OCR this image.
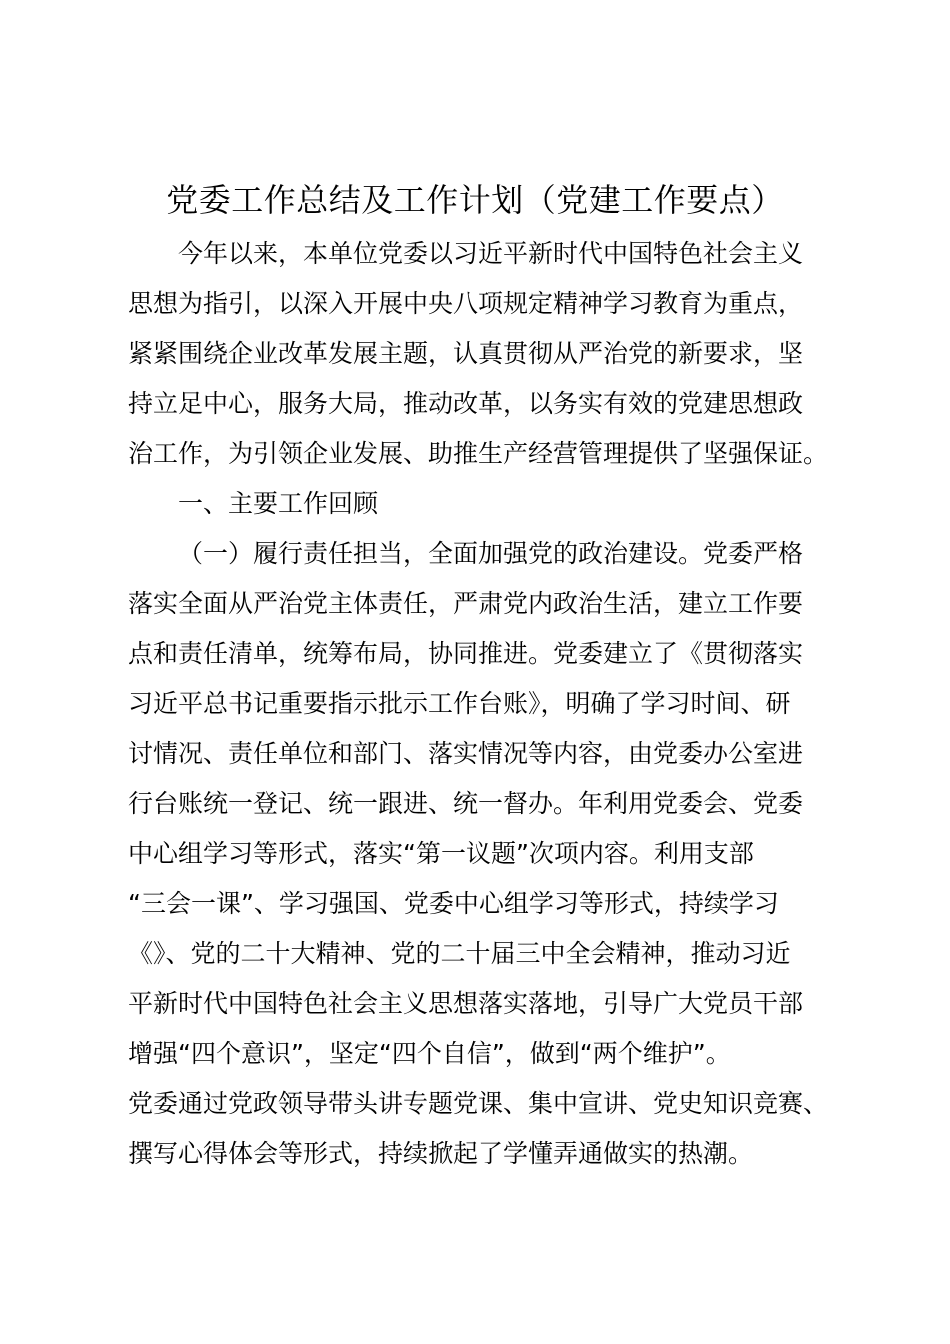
党委工作总结及工作计划（党建工作要点）

今年以来，本单位党委以习近平新时代中国特色社会主义

思想为指引，以深入开展中央八项规定精神学习教育为重点，

紧紧围绕企业改革发展主题，认真贯彻从严治党的新要求，坚

持立足中心，服务大局，推动改革，以务实有效的党建思想政

治工作，为引领企业发展、助推生产经营管理提供了坚强保证。

一、主要工作回顾

（一）履行责任担当，全面加强党的政治建设。党委严格

落实全面从严治党主体责任，严肃党内政治生活，建立工作要

点和责任清单，统筹布局，协同推进。党委建立了《贯彻落实

习近平总书记重要指示批示工作台账》，明确了学习时间、研

讨情况、责任单位和部门、落实情况等内容，由党委办公室进

行台账统一登记、统一跟进、统一督办。年利用党委会、党委

中心组学习等形式，落实“第一议题”次项内容。利用支部

“三会一课”、学习强国、党委中心组学习等形式，持续学习

《》、党的二十大精神、党的二十届三中全会精神，推动习近

平新时代中国特色社会主义思想落实落地，引导广大党员干部

增强“四个意识”，坚定“四个自信”，做到“两个维护”。

党委通过党政领导带头讲专题党课、集中宣讲、党史知识竞赛、

撰写心得体会等形式，持续掀起了学懂弄通做实的热潮。
